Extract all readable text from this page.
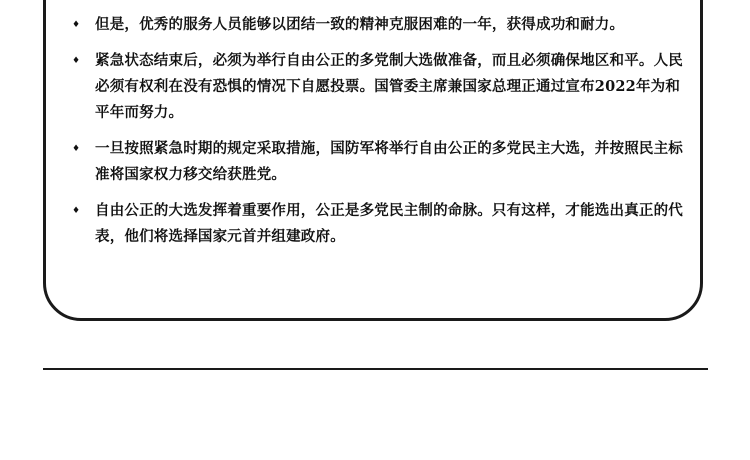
♦ 但是，优秀的服务人员能够以团结一致的精神克服困难的一年，获得成功和耐力。
♦ 紧急状态结束后，必须为举行自由公正的多党制大选做准备，而且必须确保地区和平。人民必须有权利在没有恐惧的情况下自愿投票。国管委主席兼国家总理正通过宣布2022年为和平年而努力。
♦ 一旦按照紧急时期的规定采取措施，国防军将举行自由公正的多党民主大选，并按照民主标准将国家权力移交给获胜党。
♦ 自由公正的大选发挥着重要作用，公正是多党民主制的命脉。只有这样，才能选出真正的代表，他们将选择国家元首并组建政府。
